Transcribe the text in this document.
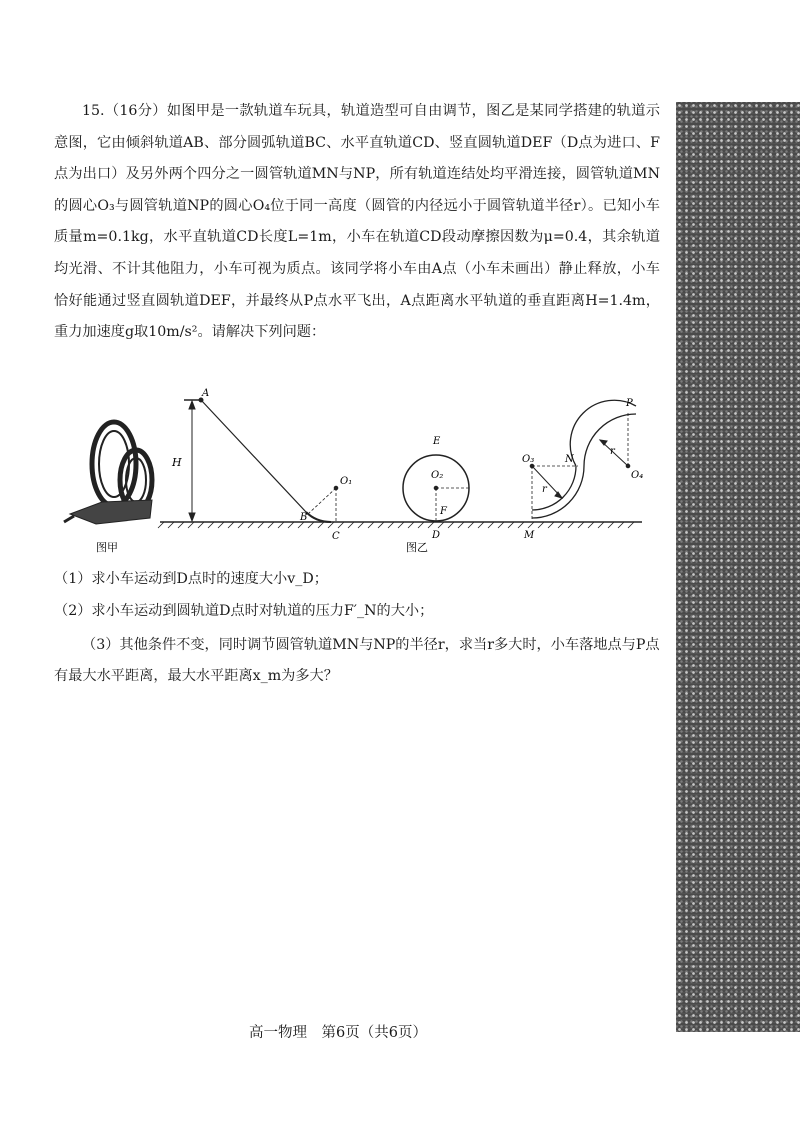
15.（16分）如图甲是一款轨道车玩具，轨道造型可自由调节，图乙是某同学搭建的轨道示意图，它由倾斜轨道AB、部分圆弧轨道BC、水平直轨道CD、竖直圆轨道DEF（D点为进口、F点为出口）及另外两个四分之一圆管轨道MN与NP，所有轨道连结处均平滑连接，圆管轨道MN的圆心O₃与圆管轨道NP的圆心O₄位于同一高度（圆管的内径远小于圆管轨道半径r）。已知小车质量m=0.1kg，水平直轨道CD长度L=1m，小车在轨道CD段动摩擦因数为μ=0.4，其余轨道均光滑、不计其他阻力，小车可视为质点。该同学将小车由A点（小车未画出）静止释放，小车恰好能通过竖直圆轨道DEF，并最终从P点水平飞出，A点距离水平轨道的垂直距离H=1.4m，重力加速度g取10m/s²。请解决下列问题：

图甲
H
A
B
C
O₁
E
O₂
F
D
O₃
O₄
N
P
M
r
r
图乙

（1）求小车运动到D点时的速度大小v_D；

（2）求小车运动到圆轨道D点时对轨道的压力F′_N的大小；

（3）其他条件不变，同时调节圆管轨道MN与NP的半径r，求当r多大时，小车落地点与P点有最大水平距离，最大水平距离x_m为多大？

高一物理　第6页（共6页）
